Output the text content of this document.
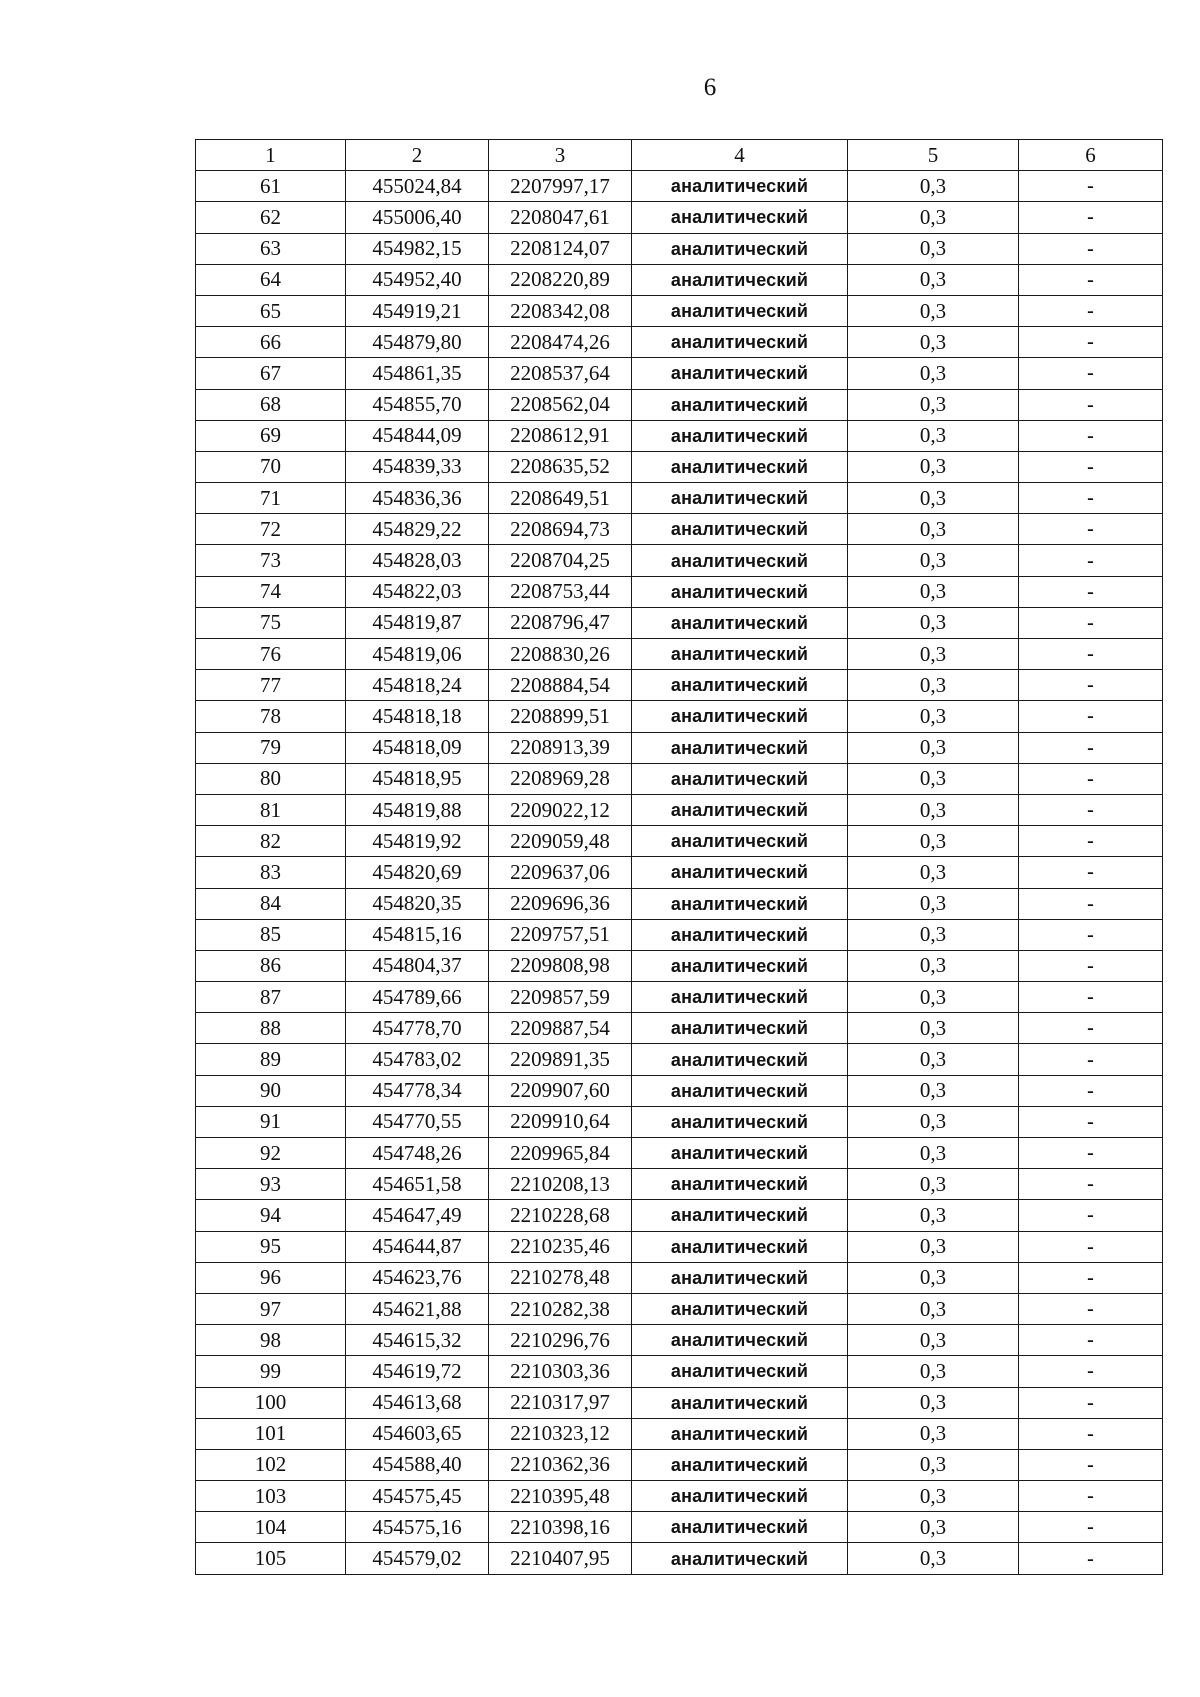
6
1	2	3	4	5	6
61	455024,84	2207997,17	аналитический	0,3	-
62	455006,40	2208047,61	аналитический	0,3	-
63	454982,15	2208124,07	аналитический	0,3	-
64	454952,40	2208220,89	аналитический	0,3	-
65	454919,21	2208342,08	аналитический	0,3	-
66	454879,80	2208474,26	аналитический	0,3	-
67	454861,35	2208537,64	аналитический	0,3	-
68	454855,70	2208562,04	аналитический	0,3	-
69	454844,09	2208612,91	аналитический	0,3	-
70	454839,33	2208635,52	аналитический	0,3	-
71	454836,36	2208649,51	аналитический	0,3	-
72	454829,22	2208694,73	аналитический	0,3	-
73	454828,03	2208704,25	аналитический	0,3	-
74	454822,03	2208753,44	аналитический	0,3	-
75	454819,87	2208796,47	аналитический	0,3	-
76	454819,06	2208830,26	аналитический	0,3	-
77	454818,24	2208884,54	аналитический	0,3	-
78	454818,18	2208899,51	аналитический	0,3	-
79	454818,09	2208913,39	аналитический	0,3	-
80	454818,95	2208969,28	аналитический	0,3	-
81	454819,88	2209022,12	аналитический	0,3	-
82	454819,92	2209059,48	аналитический	0,3	-
83	454820,69	2209637,06	аналитический	0,3	-
84	454820,35	2209696,36	аналитический	0,3	-
85	454815,16	2209757,51	аналитический	0,3	-
86	454804,37	2209808,98	аналитический	0,3	-
87	454789,66	2209857,59	аналитический	0,3	-
88	454778,70	2209887,54	аналитический	0,3	-
89	454783,02	2209891,35	аналитический	0,3	-
90	454778,34	2209907,60	аналитический	0,3	-
91	454770,55	2209910,64	аналитический	0,3	-
92	454748,26	2209965,84	аналитический	0,3	-
93	454651,58	2210208,13	аналитический	0,3	-
94	454647,49	2210228,68	аналитический	0,3	-
95	454644,87	2210235,46	аналитический	0,3	-
96	454623,76	2210278,48	аналитический	0,3	-
97	454621,88	2210282,38	аналитический	0,3	-
98	454615,32	2210296,76	аналитический	0,3	-
99	454619,72	2210303,36	аналитический	0,3	-
100	454613,68	2210317,97	аналитический	0,3	-
101	454603,65	2210323,12	аналитический	0,3	-
102	454588,40	2210362,36	аналитический	0,3	-
103	454575,45	2210395,48	аналитический	0,3	-
104	454575,16	2210398,16	аналитический	0,3	-
105	454579,02	2210407,95	аналитический	0,3	-
